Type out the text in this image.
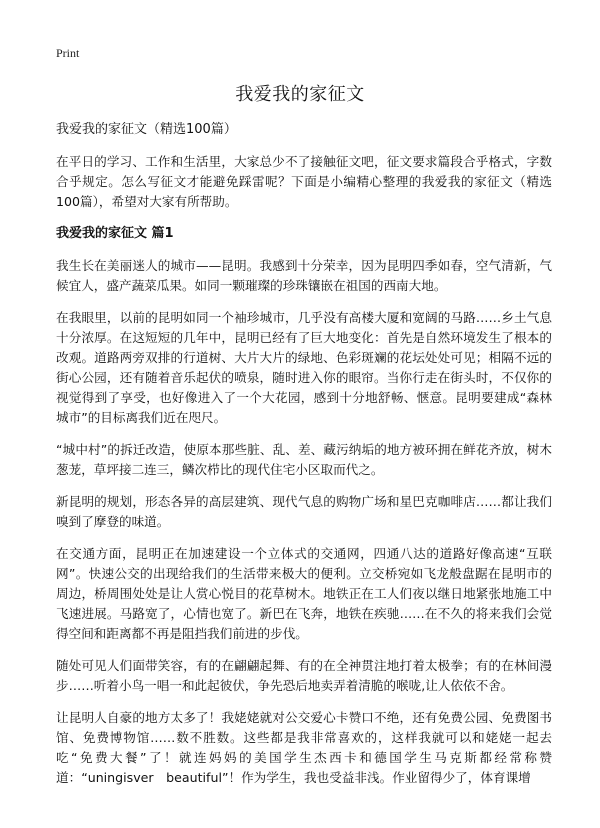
Print
我爱我的家征文

我爱我的家征文（精选100篇）

在平日的学习、工作和生活里，大家总少不了接触征文吧，征文要求篇段合乎格式，字数合乎规定。怎么写征文才能避免踩雷呢？下面是小编精心整理的我爱我的家征文（精选100篇），希望对大家有所帮助。

我爱我的家征文 篇1

我生长在美丽迷人的城市——昆明。我感到十分荣幸，因为昆明四季如春，空气清新，气候宜人，盛产蔬菜瓜果。如同一颗璀璨的珍珠镶嵌在祖国的西南大地。

在我眼里，以前的昆明如同一个袖珍城市，几乎没有高楼大厦和宽阔的马路……乡土气息十分浓厚。在这短短的几年中，昆明已经有了巨大地变化：首先是自然环境发生了根本的改观。道路两旁双排的行道树、大片大片的绿地、色彩斑斓的花坛处处可见；相隔不远的街心公园，还有随着音乐起伏的喷泉，随时进入你的眼帘。当你行走在街头时，不仅你的视觉得到了享受，也好像进入了一个大花园，感到十分地舒畅、惬意。昆明要建成“森林城市”的目标离我们近在咫尺。

“城中村”的拆迁改造，使原本那些脏、乱、差、藏污纳垢的地方被环拥在鲜花齐放，树木葱茏，草坪接二连三，鳞次栉比的现代住宅小区取而代之。

新昆明的规划，形态各异的高层建筑、现代气息的购物广场和星巴克咖啡店……都让我们嗅到了摩登的味道。

在交通方面，昆明正在加速建设一个立体式的交通网，四通八达的道路好像高速“互联网”。快速公交的出现给我们的生活带来极大的便利。立交桥宛如飞龙般盘踞在昆明市的周边，桥周围处处是让人赏心悦目的花草树木。地铁正在工人们夜以继日地紧张地施工中飞速进展。马路宽了，心情也宽了。新巴在飞奔，地铁在疾驰……在不久的将来我们会觉得空间和距离都不再是阻挡我们前进的步伐。

随处可见人们面带笑容，有的在翩翩起舞、有的在全神贯注地打着太极拳；有的在林间漫步……听着小鸟一唱一和此起彼伏，争先恐后地卖弄着清脆的喉咙,让人依依不舍。

让昆明人自豪的地方太多了！我姥姥就对公交爱心卡赞口不绝，还有免费公园、免费图书馆、免费博物馆……数不胜数。这些都是我非常喜欢的，这样我就可以和姥姥一起去吃“免费大餐”了！就连妈妈的美国学生杰西卡和德国学生马克斯都经常称赞道：“uningisver　beautiful”！作为学生，我也受益非浅。作业留得少了，体育课增
